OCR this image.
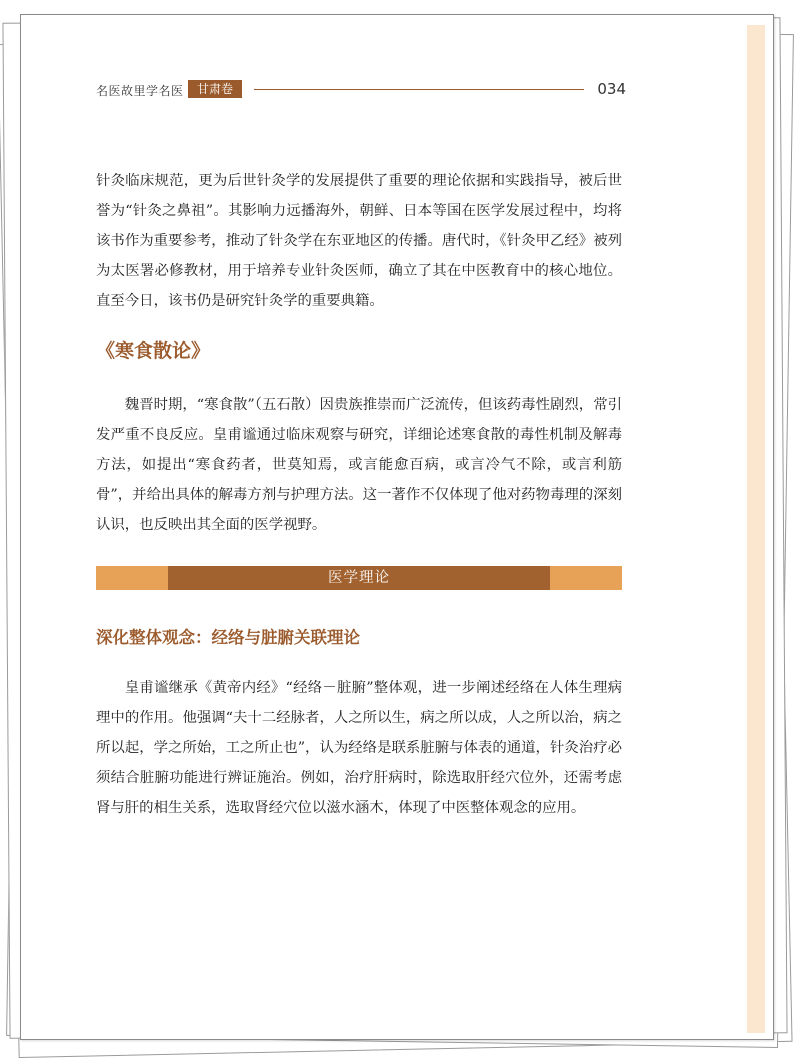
名医故里学名医	甘肃卷	034

针灸临床规范，更为后世针灸学的发展提供了重要的理论依据和实践指导，被后世誉为“针灸之鼻祖”。其影响力远播海外，朝鲜、日本等国在医学发展过程中，均将该书作为重要参考，推动了针灸学在东亚地区的传播。唐代时，《针灸甲乙经》被列为太医署必修教材，用于培养专业针灸医师，确立了其在中医教育中的核心地位。直至今日，该书仍是研究针灸学的重要典籍。

《寒食散论》

魏晋时期，“寒食散”（五石散）因贵族推崇而广泛流传，但该药毒性剧烈，常引发严重不良反应。皇甫谧通过临床观察与研究，详细论述寒食散的毒性机制及解毒方法，如提出“寒食药者，世莫知焉，或言能愈百病，或言冷气不除，或言利筋骨”，并给出具体的解毒方剂与护理方法。这一著作不仅体现了他对药物毒理的深刻认识，也反映出其全面的医学视野。

医学理论
深化整体观念：经络与脏腑关联理论

皇甫谧继承《黄帝内经》“经络－脏腑”整体观，进一步阐述经络在人体生理病理中的作用。他强调“夫十二经脉者，人之所以生，病之所以成，人之所以治，病之所以起，学之所始，工之所止也”，认为经络是联系脏腑与体表的通道，针灸治疗必须结合脏腑功能进行辨证施治。例如，治疗肝病时，除选取肝经穴位外，还需考虑肾与肝的相生关系，选取肾经穴位以滋水涵木，体现了中医整体观念的应用。
